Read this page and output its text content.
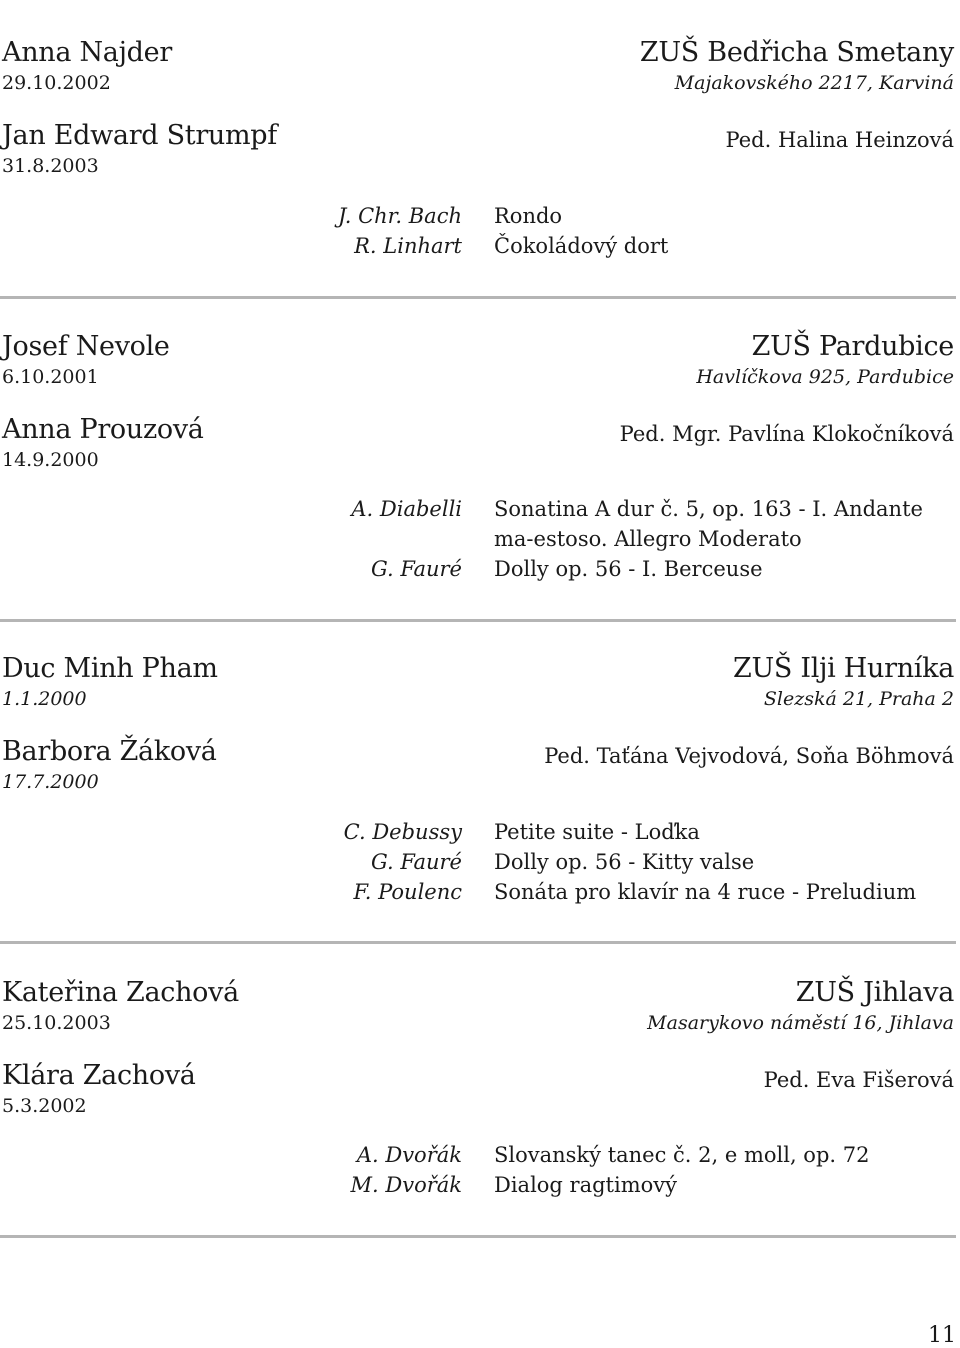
Anna Najder
29.10.2002
Jan Edward Strumpf
31.8.2003
ZUŠ Bedřicha Smetany
Majakovského 2217, Karviná
Ped. Halina Heinzová
J. Chr. Bach Rondo
R. Linhart Čokoládový dort
Josef Nevole
6.10.2001
Anna Prouzová
14.9.2000
ZUŠ Pardubice
Havlíčkova 925, Pardubice
Ped. Mgr. Pavlína Klokočníková
A. Diabelli Sonatina A dur č. 5, op. 163 - I. Andante ma-estoso. Allegro Moderato
G. Fauré Dolly op. 56 - I. Berceuse
Duc Minh Pham
1.1.2000
Barbora Žáková
17.7.2000
ZUŠ Ilji Hurníka
Slezská 21, Praha 2
Ped. Taťána Vejvodová, Soňa Böhmová
C. Debussy Petite suite - Loďka
G. Fauré Dolly op. 56 - Kitty valse
F. Poulenc Sonáta pro klavír na 4 ruce - Preludium
Kateřina Zachová
25.10.2003
Klára Zachová
5.3.2002
ZUŠ Jihlava
Masarykovo náměstí 16, Jihlava
Ped. Eva Fišerová
A. Dvořák Slovanský tanec č. 2, e moll, op. 72
M. Dvořák Dialog ragtimový
11
